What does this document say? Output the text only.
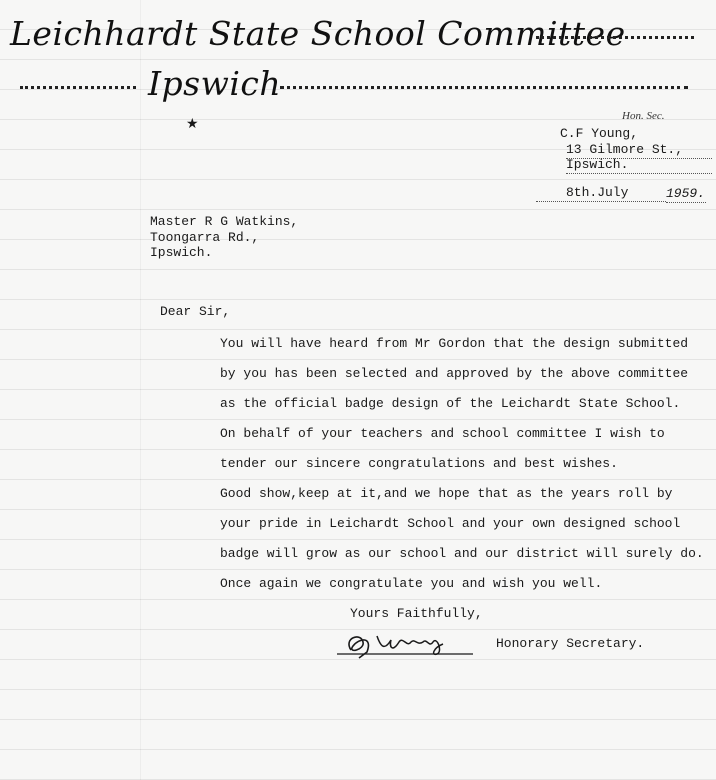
Leichhardt State School Committee
Ipswich
★	Hon. Sec.
C.F Young,
13 Gilmore St.,
Ipswich.
8th.July	1959.
Master R G Watkins,
Toongarra Rd.,
Ipswich.
Dear Sir,
You will have heard from Mr Gordon that the design submitted
by you has been selected and approved by the above committee
as the official badge design of the Leichardt State School.
On behalf of your teachers and school committee I wish to
tender our sincere congratulations and best wishes.
Good show,keep at it,and we hope that as the years roll by
your pride in Leichardt School and your own designed school
badge will grow as our school and our district will surely do.
Once again we congratulate you and wish you well.
Yours Faithfully,
Honorary Secretary.
